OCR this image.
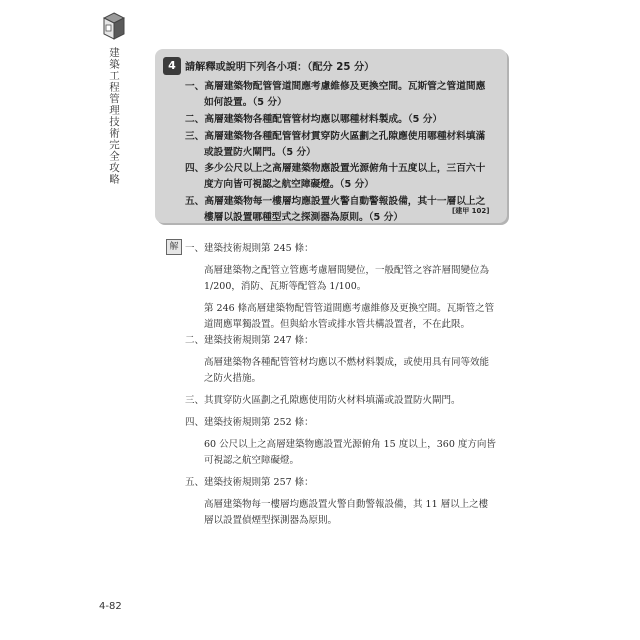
建築工程管理技術完全攻略
4-82
4 請解釋或說明下列各小項：（配分 25 分）
一、高層建築物配管管道間應考慮維修及更換空間。瓦斯管之管道間應
如何設置。（5 分）
二、高層建築物各種配管管材均應以哪種材料製成。（5 分）
三、高層建築物各種配管管材貫穿防火區劃之孔隙應使用哪種材料填滿
或設置防火閘門。（5 分）
四、多少公尺以上之高層建築物應設置光源俯角十五度以上，三百六十
度方向皆可視認之航空障礙燈。（5 分）
五、高層建築物每一樓層均應設置火警自動警報設備，其十一層以上之
樓層以設置哪種型式之探測器為原則。（5 分）
[建甲 102]
解 一、建築技術規則第 245 條：
高層建築物之配管立管應考慮層間變位，一般配管之容許層間變位為
1/200，消防、瓦斯等配管為 1/100。
第 246 條高層建築物配管管道間應考慮維修及更換空間。瓦斯管之管
道間應單獨設置。但與給水管或排水管共構設置者，不在此限。
二、建築技術規則第 247 條：
高層建築物各種配管管材均應以不燃材料製成，或使用具有同等效能
之防火措施。
三、其貫穿防火區劃之孔隙應使用防火材料填滿或設置防火閘門。
四、建築技術規則第 252 條：
60 公尺以上之高層建築物應設置光源俯角 15 度以上，360 度方向皆
可視認之航空障礙燈。
五、建築技術規則第 257 條：
高層建築物每一樓層均應設置火警自動警報設備，其 11 層以上之樓
層以設置偵煙型探測器為原則。
